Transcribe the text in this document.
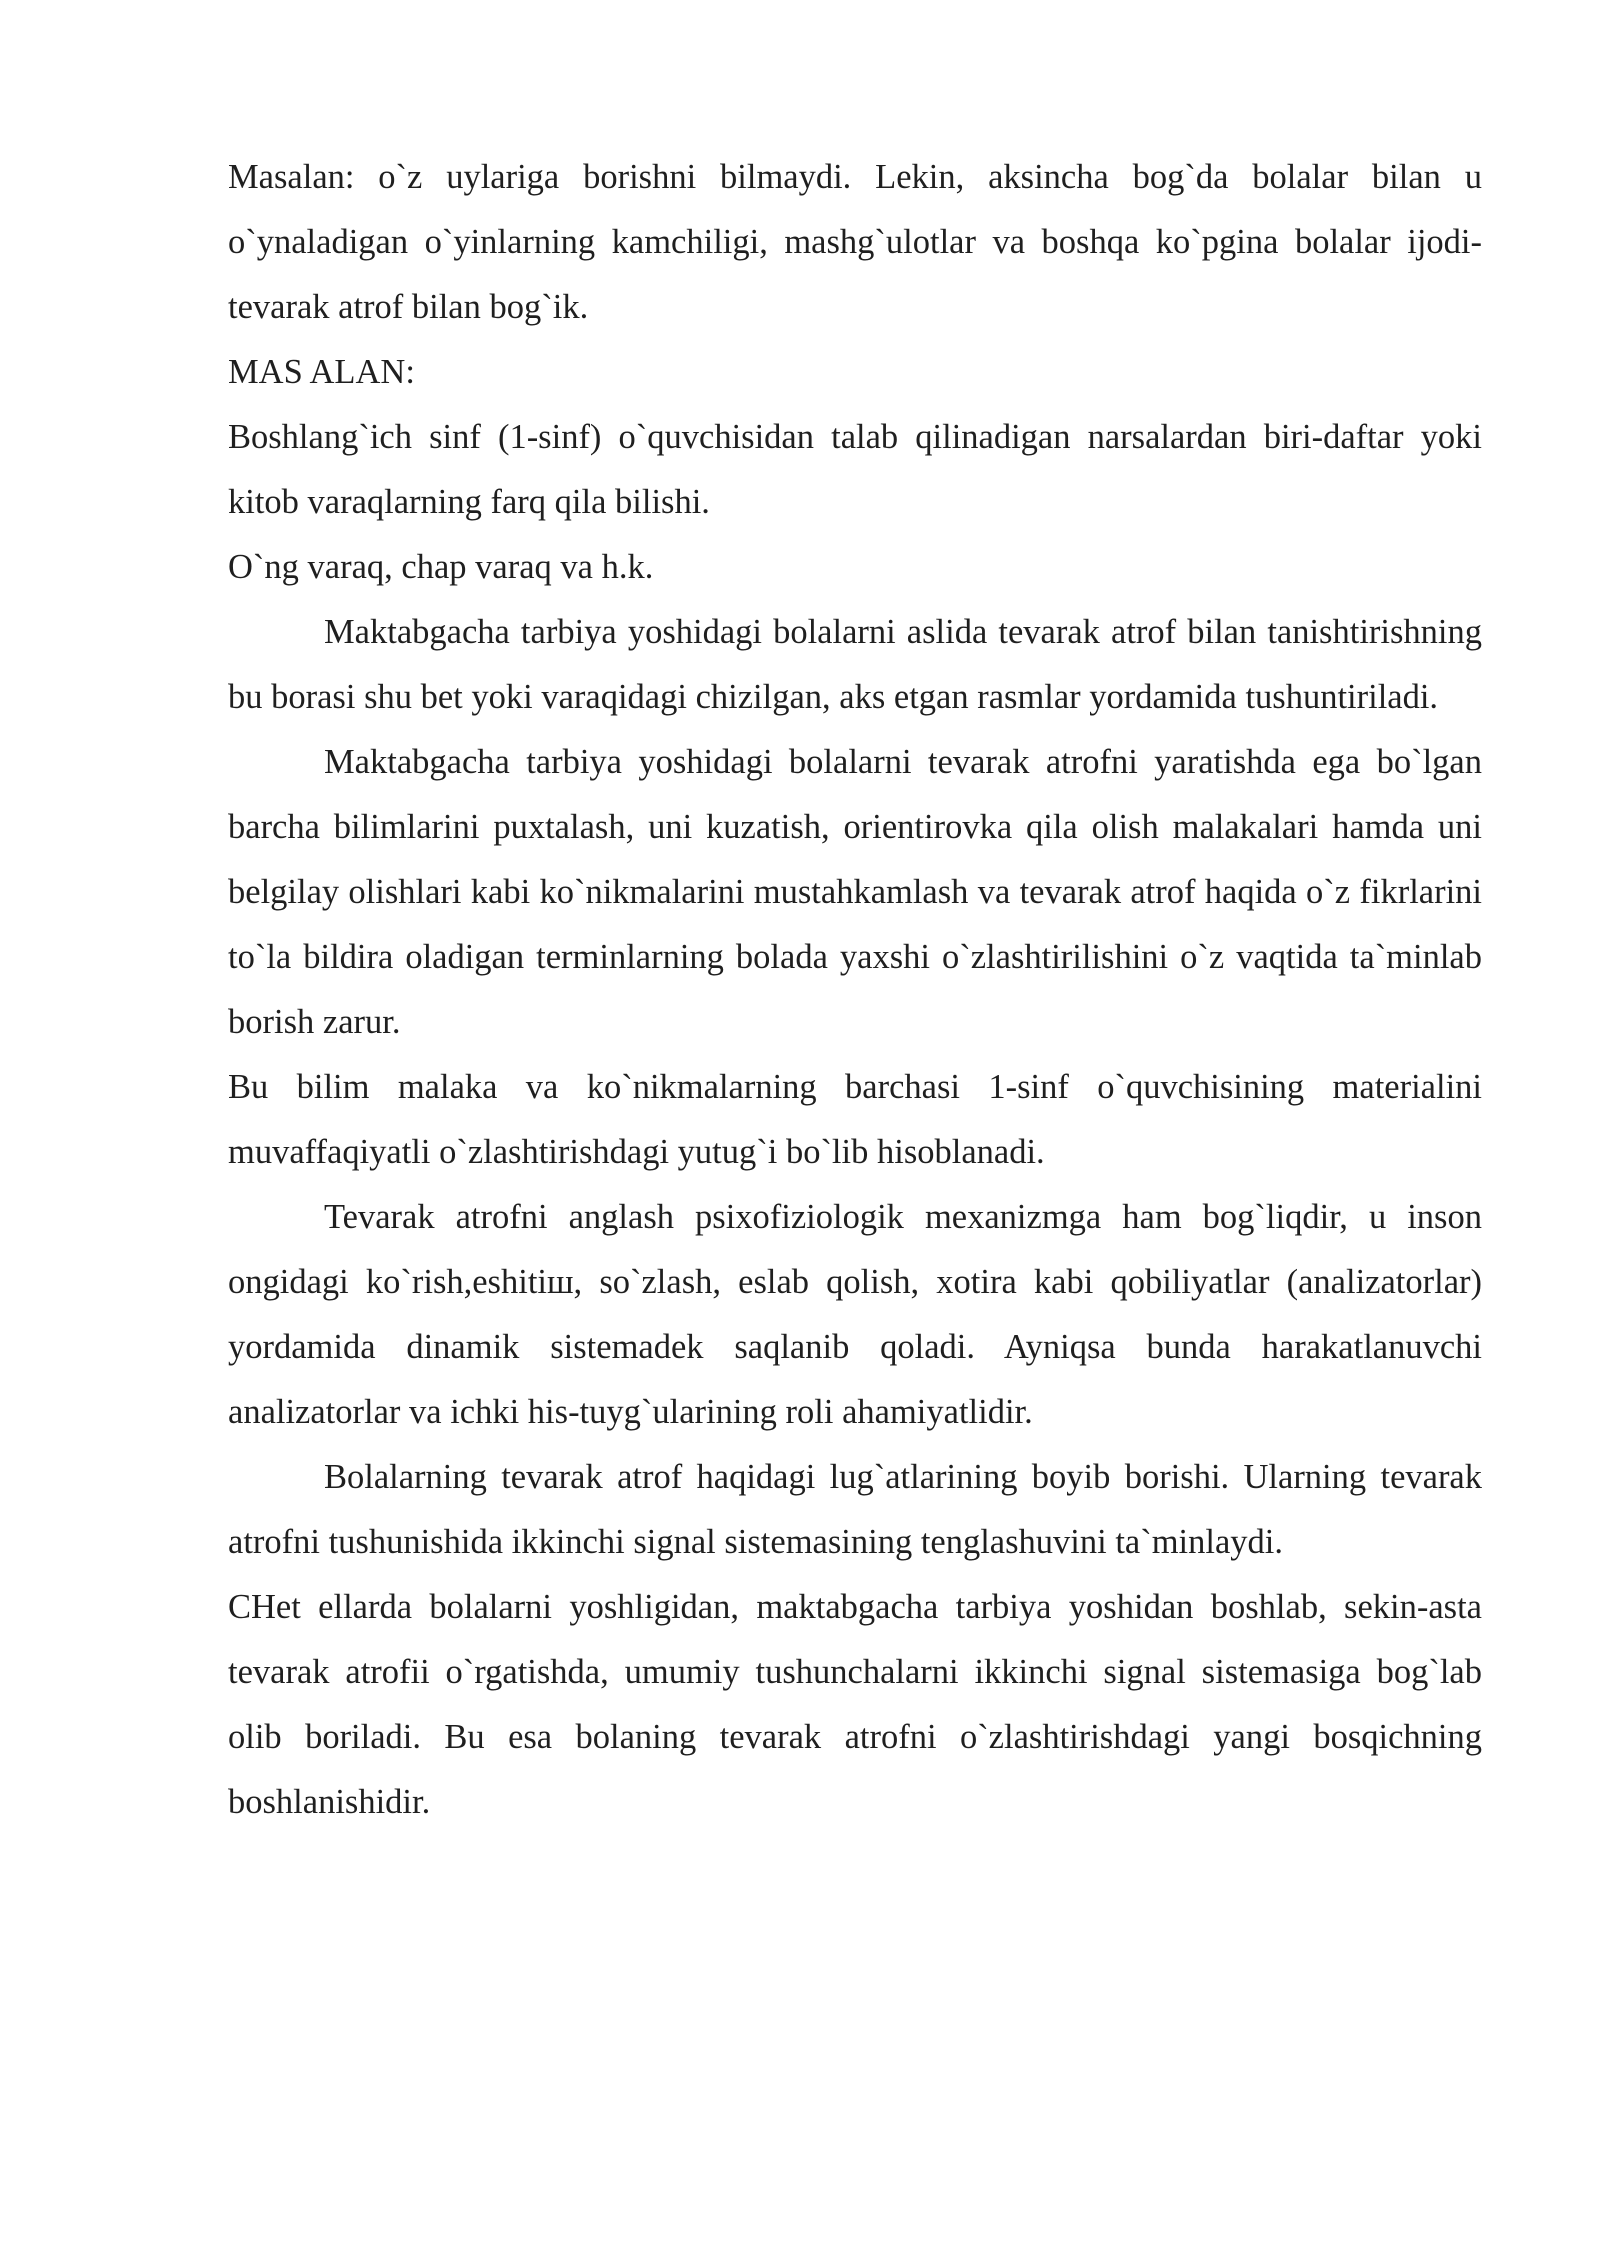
Masalan: o`z uylariga borishni bilmaydi. Lekin, aksincha bog`da bolalar bilan u o`ynaladigan o`yinlarning kamchiligi, mashg`ulotlar va boshqa ko`pgina bolalar ijodi- tevarak atrof bilan bog`ik.

MAS ALAN:

Boshlang`ich sinf (1-sinf) o`quvchisidan talab qilinadigan narsalardan biri-daftar yoki kitob varaqlarning farq qila bilishi.

O`ng varaq, chap varaq va h.k.

Maktabgacha tarbiya yoshidagi bolalarni aslida tevarak atrof bilan tanishtirishning bu borasi shu bet yoki varaqidagi chizilgan, aks etgan rasmlar yordamida tushuntiriladi.

Maktabgacha tarbiya yoshidagi bolalarni tevarak atrofni yaratishda ega bo`lgan barcha bilimlarini puxtalash, uni kuzatish, orientirovka qila olish malakalari hamda uni belgilay olishlari kabi ko`nikmalarini mustahkamlash va tevarak atrof haqida o`z fikrlarini to`la bildira oladigan terminlarning bolada yaxshi o`zlashtirilishini o`z vaqtida ta`minlab borish zarur.

Bu bilim malaka va ko`nikmalarning barchasi 1-sinf o`quvchisining materialini muvaffaqiyatli o`zlashtirishdagi yutug`i bo`lib hisoblanadi.

Tevarak atrofni anglash psixofiziologik mexanizmga ham bog`liqdir, u inson ongidagi ko`rish,eshitiш, so`zlash, eslab qolish, xotira kabi qobiliyatlar (analizatorlar) yordamida dinamik sistemadek saqlanib qoladi. Ayniqsa bunda harakatlanuvchi analizatorlar va ichki his-tuyg`ularining roli ahamiyatlidir.

Bolalarning tevarak atrof haqidagi lug`atlarining boyib borishi. Ularning tevarak atrofni tushunishida ikkinchi signal sistemasining tenglashuvini ta`minlaydi.

CHet ellarda bolalarni yoshligidan, maktabgacha tarbiya yoshidan boshlab, sekin-asta tevarak atrofii o`rgatishda, umumiy tushunchalarni ikkinchi signal sistemasiga bog`lab olib boriladi. Bu esa bolaning tevarak atrofni o`zlashtirishdagi yangi bosqichning boshlanishidir.
